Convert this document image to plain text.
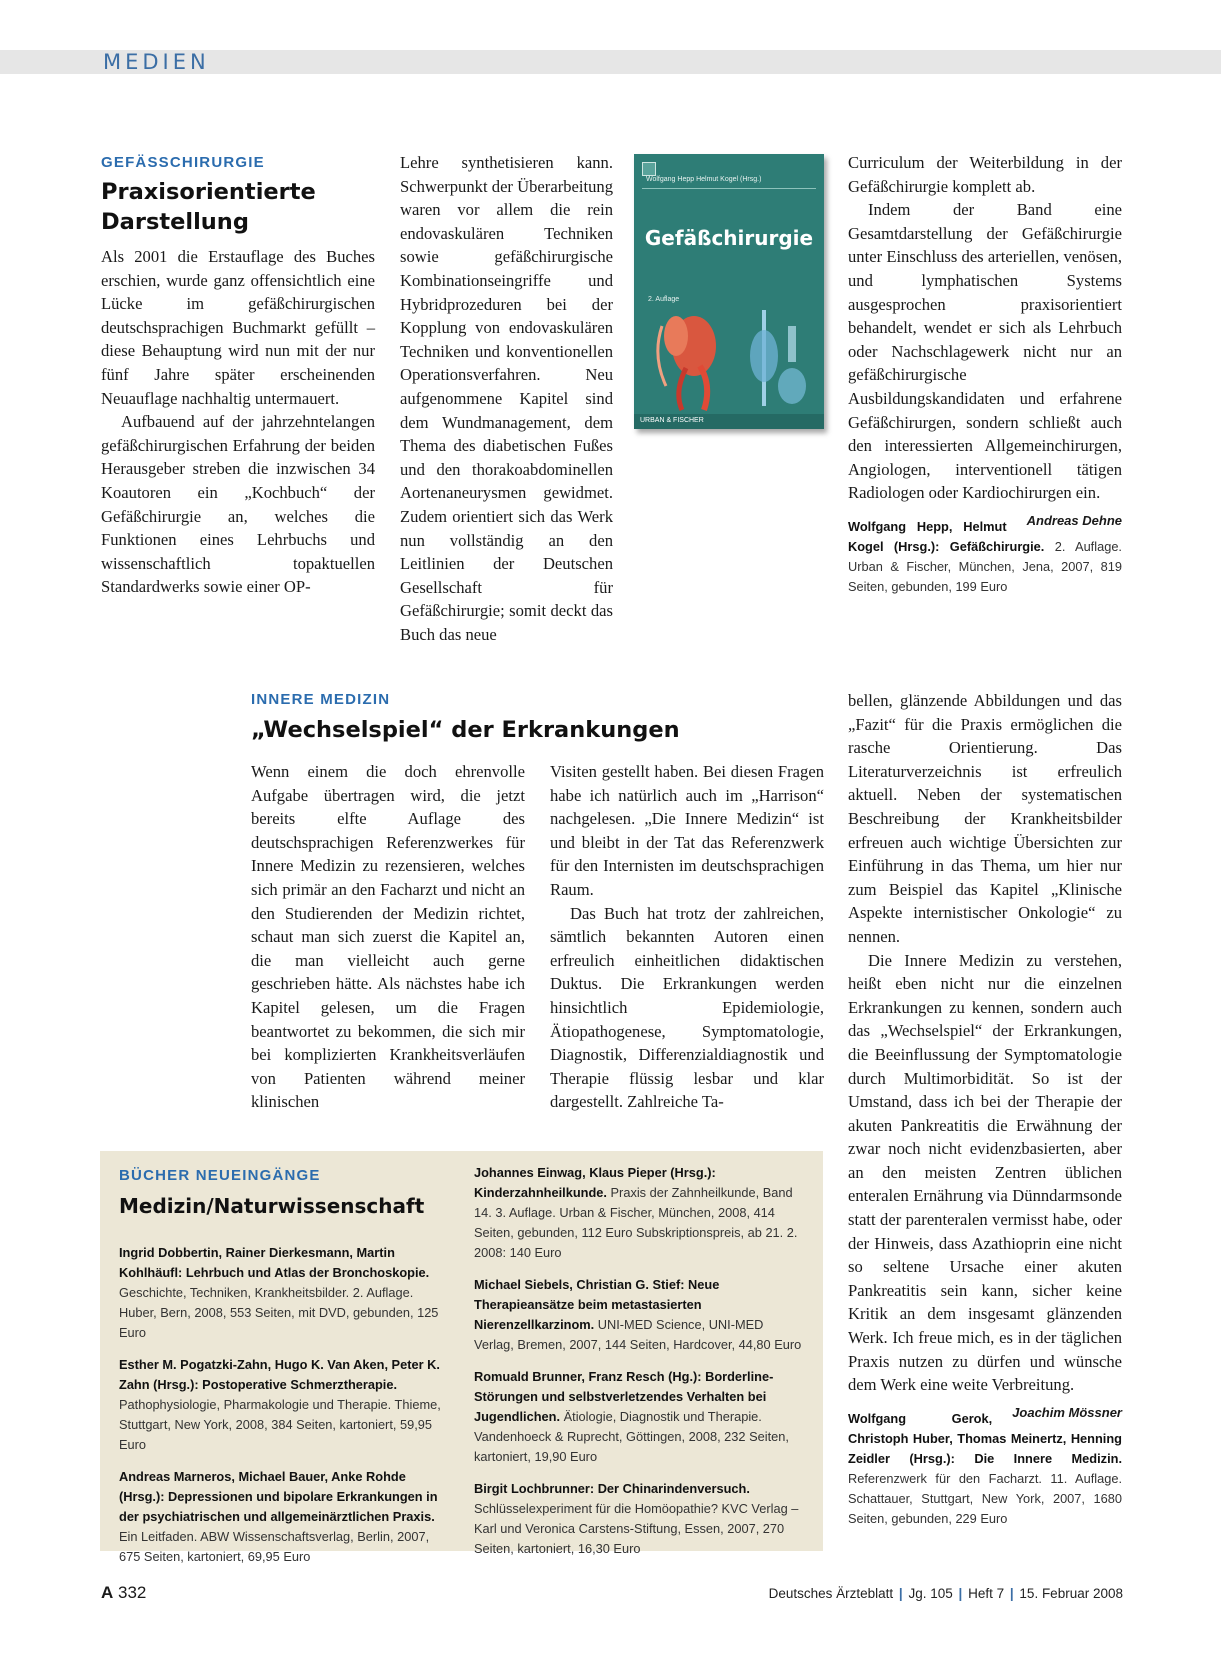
MEDIEN
GEFÄSSCHIRURGIE
Praxisorientierte
Darstellung

Als 2001 die Erstauflage des Buches erschien, wurde ganz offensichtlich eine Lücke im gefäßchirurgischen deutschsprachigen Buchmarkt gefüllt – diese Behauptung wird nun mit der nur fünf Jahre später erscheinenden Neuauflage nachhaltig untermauert.

Aufbauend auf der jahrzehntelangen gefäßchirurgischen Erfahrung der beiden Herausgeber streben die inzwischen 34 Koautoren ein „Kochbuch“ der Gefäßchirurgie an, welches die Funktionen eines Lehrbuchs und wissenschaftlich topaktuellen Standardwerks sowie einer OP-

Lehre synthetisieren kann. Schwerpunkt der Überarbeitung waren vor allem die rein endovaskulären Techniken sowie gefäßchirurgische Kombinationseingriffe und Hybridprozeduren bei der Kopplung von endovaskulären Techniken und konventionellen Operationsverfahren. Neu aufgenommene Kapitel sind dem Wundmanagement, dem Thema des diabetischen Fußes und den thorakoabdominellen Aortenaneurysmen gewidmet. Zudem orientiert sich das Werk nun vollständig an den Leitlinien der Deutschen Gesellschaft für Gefäßchirurgie; somit deckt das Buch das neue

Wolfgang Hepp Helmut Kogel (Hrsg.)
Gefäßchirurgie
2. Auflage
URBAN & FISCHER

Curriculum der Weiterbildung in der Gefäßchirurgie komplett ab.

Indem der Band eine Gesamtdarstellung der Gefäßchirurgie unter Einschluss des arteriellen, venösen, und lymphatischen Systems ausgesprochen praxisorientiert behandelt, wendet er sich als Lehrbuch oder Nachschlagewerk nicht nur an gefäßchirurgische Ausbildungskandidaten und erfahrene Gefäßchirurgen, sondern schließt auch den interessierten Allgemeinchirurgen, Angiologen, interventionell tätigen Radiologen oder Kardiochirurgen ein.
Andreas Dehne

Wolfgang Hepp, Helmut Kogel (Hrsg.): Gefäßchirurgie. 2. Auflage. Urban & Fischer, München, Jena, 2007, 819 Seiten, gebunden, 199 Euro
INNERE MEDIZIN
„Wechselspiel“ der Erkrankungen

Wenn einem die doch ehrenvolle Aufgabe übertragen wird, die jetzt bereits elfte Auflage des deutschsprachigen Referenzwerkes für Innere Medizin zu rezensieren, welches sich primär an den Facharzt und nicht an den Studierenden der Medizin richtet, schaut man sich zuerst die Kapitel an, die man vielleicht auch gerne geschrieben hätte. Als nächstes habe ich Kapitel gelesen, um die Fragen beantwortet zu bekommen, die sich mir bei komplizierten Krankheitsverläufen von Patienten während meiner klinischen

Visiten gestellt haben. Bei diesen Fragen habe ich natürlich auch im „Harrison“ nachgelesen. „Die Innere Medizin“ ist und bleibt in der Tat das Referenzwerk für den Internisten im deutschsprachigen Raum.

Das Buch hat trotz der zahlreichen, sämtlich bekannten Autoren einen erfreulich einheitlichen didaktischen Duktus. Die Erkrankungen werden hinsichtlich Epidemiologie, Ätiopathogenese, Symptomatologie, Diagnostik, Differenzialdiagnostik und Therapie flüssig lesbar und klar dargestellt. Zahlreiche Ta-

bellen, glänzende Abbildungen und das „Fazit“ für die Praxis ermöglichen die rasche Orientierung. Das Literaturverzeichnis ist erfreulich aktuell. Neben der systematischen Beschreibung der Krankheitsbilder erfreuen auch wichtige Übersichten zur Einführung in das Thema, um hier nur zum Beispiel das Kapitel „Klinische Aspekte internistischer Onkologie“ zu nennen.

Die Innere Medizin zu verstehen, heißt eben nicht nur die einzelnen Erkrankungen zu kennen, sondern auch das „Wechselspiel“ der Erkrankungen, die Beeinflussung der Symptomatologie durch Multimorbidität. So ist der Umstand, dass ich bei der Therapie der akuten Pankreatitis die Erwähnung der zwar noch nicht evidenzbasierten, aber an den meisten Zentren üblichen enteralen Ernährung via Dünndarmsonde statt der parenteralen vermisst habe, oder der Hinweis, dass Azathioprin eine nicht so seltene Ursache einer akuten Pankreatitis sein kann, sicher keine Kritik an dem insgesamt glänzenden Werk. Ich freue mich, es in der täglichen Praxis nutzen zu dürfen und wünsche dem Werk eine weite Verbreitung.
Joachim Mössner

Wolfgang Gerok, Christoph Huber, Thomas Meinertz, Henning Zeidler (Hrsg.): Die Innere Medizin. Referenzwerk für den Facharzt. 11. Auflage. Schattauer, Stuttgart, New York, 2007, 1680 Seiten, gebunden, 229 Euro
BÜCHER NEUEINGÄNGE
Medizin/Naturwissenschaft
Ingrid Dobbertin, Rainer Dierkesmann, Martin Kohlhäufl: Lehrbuch und Atlas der Bronchoskopie. Geschichte, Techniken, Krankheitsbilder. 2. Auflage. Huber, Bern, 2008, 553 Seiten, mit DVD, gebunden, 125 Euro
Esther M. Pogatzki-Zahn, Hugo K. Van Aken, Peter K. Zahn (Hrsg.): Postoperative Schmerztherapie. Pathophysiologie, Pharmakologie und Therapie. Thieme, Stuttgart, New York, 2008, 384 Seiten, kartoniert, 59,95 Euro
Andreas Marneros, Michael Bauer, Anke Rohde (Hrsg.): Depressionen und bipolare Erkrankungen in der psychiatrischen und allgemeinärztlichen Praxis. Ein Leitfaden. ABW Wissenschaftsverlag, Berlin, 2007, 675 Seiten, kartoniert, 69,95 Euro
Johannes Einwag, Klaus Pieper (Hrsg.): Kinderzahnheilkunde. Praxis der Zahnheilkunde, Band 14. 3. Auflage. Urban & Fischer, München, 2008, 414 Seiten, gebunden, 112 Euro Subskriptionspreis, ab 21. 2. 2008: 140 Euro
Michael Siebels, Christian G. Stief: Neue Therapieansätze beim metastasierten Nierenzellkarzinom. UNI-MED Science, UNI-MED Verlag, Bremen, 2007, 144 Seiten, Hardcover, 44,80 Euro
Romuald Brunner, Franz Resch (Hg.): Borderline-Störungen und selbstverletzendes Verhalten bei Jugendlichen. Ätiologie, Diagnostik und Therapie. Vandenhoeck & Ruprecht, Göttingen, 2008, 232 Seiten, kartoniert, 19,90 Euro
Birgit Lochbrunner: Der Chinarindenversuch. Schlüsselexperiment für die Homöopathie? KVC Verlag – Karl und Veronica Carstens-Stiftung, Essen, 2007, 270 Seiten, kartoniert, 16,30 Euro
A 332	Deutsches Ärzteblatt | Jg. 105 | Heft 7 | 15. Februar 2008
